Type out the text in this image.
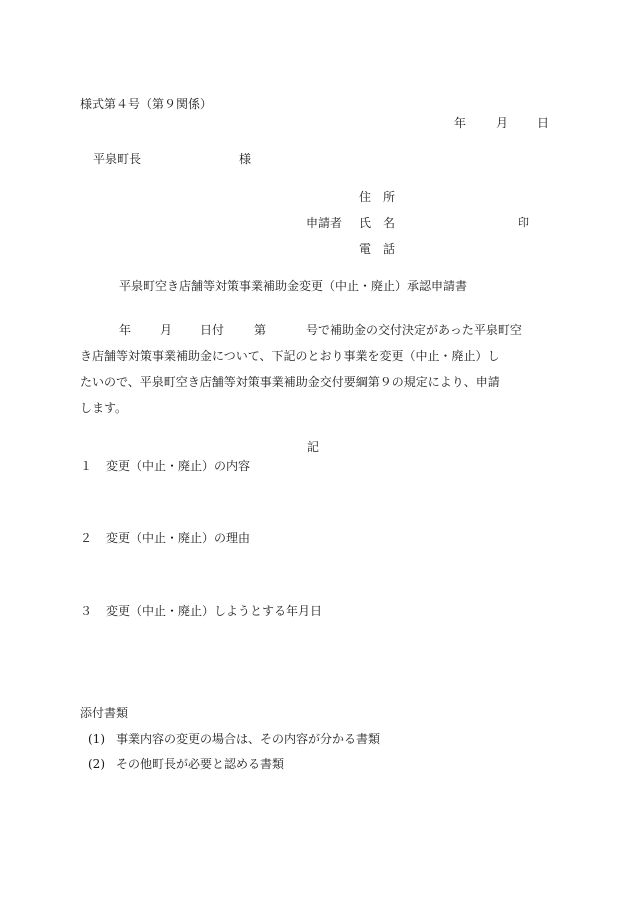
様式第４号（第９関係）
年 月 日
平泉町長	様
住　所
申請者 氏　名	印
電　話
平泉町空き店舗等対策事業補助金変更（中止・廃止）承認申請書
年 月 日付 第	号で補助金の交付決定があった平泉町空
き店舗等対策事業補助金について、下記のとおり事業を変更（中止・廃止）し
たいので、平泉町空き店舗等対策事業補助金交付要綱第９の規定により、申請
します。
記
１ 変更（中止・廃止）の内容
２ 変更（中止・廃止）の理由
３ 変更（中止・廃止）しようとする年月日
添付書類
(1) 事業内容の変更の場合は、その内容が分かる書類
(2) その他町長が必要と認める書類
